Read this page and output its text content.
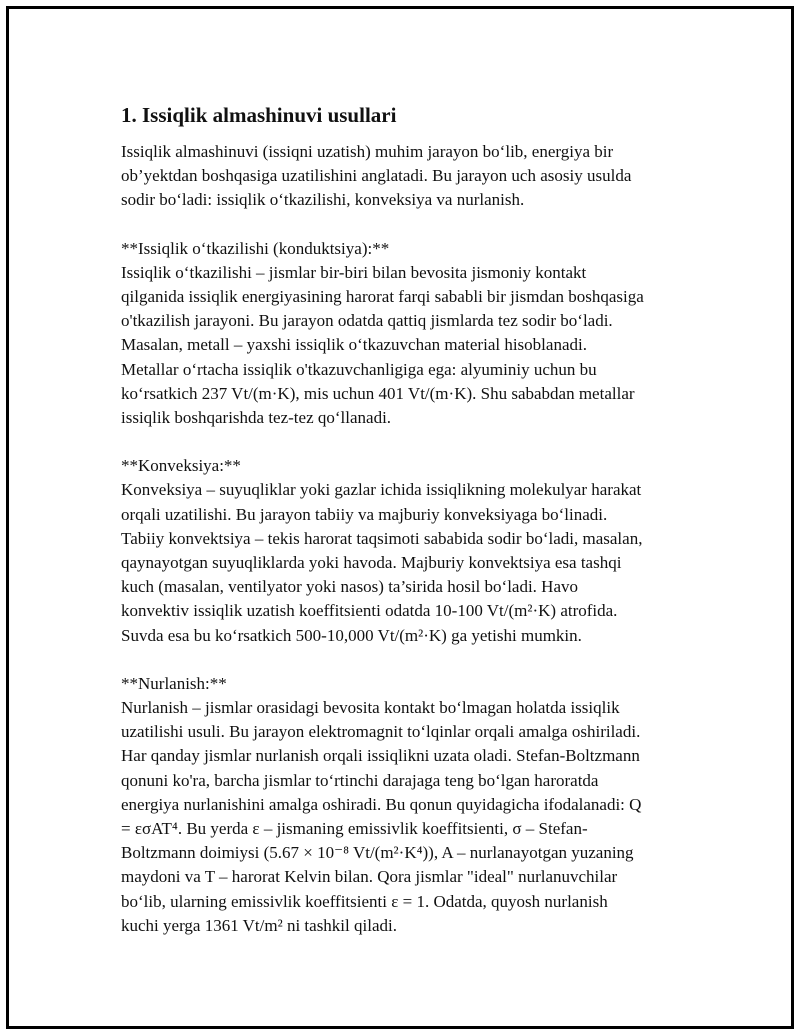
1. Issiqlik almashinuvi usullari
Issiqlik almashinuvi (issiqni uzatish) muhim jarayon bo‘lib, energiya bir
ob’yektdan boshqasiga uzatilishini anglatadi. Bu jarayon uch asosiy usulda
sodir bo‘ladi: issiqlik o‘tkazilishi, konveksiya va nurlanish.
**Issiqlik o‘tkazilishi (konduktsiya):**
Issiqlik o‘tkazilishi – jismlar bir-biri bilan bevosita jismoniy kontakt
qilganida issiqlik energiyasining harorat farqi sababli bir jismdan boshqasiga
o'tkazilish jarayoni. Bu jarayon odatda qattiq jismlarda tez sodir bo‘ladi.
Masalan, metall – yaxshi issiqlik o‘tkazuvchan material hisoblanadi.
Metallar o‘rtacha issiqlik o'tkazuvchanligiga ega: alyuminiy uchun bu
ko‘rsatkich 237 Vt/(m·K), mis uchun 401 Vt/(m·K). Shu sababdan metallar
issiqlik boshqarishda tez-tez qo‘llanadi.
**Konveksiya:**
Konveksiya – suyuqliklar yoki gazlar ichida issiqlikning molekulyar harakat
orqali uzatilishi. Bu jarayon tabiiy va majburiy konveksiyaga bo‘linadi.
Tabiiy konvektsiya – tekis harorat taqsimoti sababida sodir bo‘ladi, masalan,
qaynayotgan suyuqliklarda yoki havoda. Majburiy konvektsiya esa tashqi
kuch (masalan, ventilyator yoki nasos) ta’sirida hosil bo‘ladi. Havo
konvektiv issiqlik uzatish koeffitsienti odatda 10-100 Vt/(m²·K) atrofida.
Suvda esa bu ko‘rsatkich 500-10,000 Vt/(m²·K) ga yetishi mumkin.
**Nurlanish:**
Nurlanish – jismlar orasidagi bevosita kontakt bo‘lmagan holatda issiqlik
uzatilishi usuli. Bu jarayon elektromagnit to‘lqinlar orqali amalga oshiriladi.
Har qanday jismlar nurlanish orqali issiqlikni uzata oladi. Stefan-Boltzmann
qonuni ko'ra, barcha jismlar to‘rtinchi darajaga teng bo‘lgan haroratda
energiya nurlanishini amalga oshiradi. Bu qonun quyidagicha ifodalanadi: Q
= εσAT⁴. Bu yerda ε – jismaning emissivlik koeffitsienti, σ – Stefan-
Boltzmann doimiysi (5.67 × 10⁻⁸ Vt/(m²·K⁴)), A – nurlanayotgan yuzaning
maydoni va T – harorat Kelvin bilan. Qora jismlar "ideal" nurlanuvchilar
bo‘lib, ularning emissivlik koeffitsienti ε = 1. Odatda, quyosh nurlanish
kuchi yerga 1361 Vt/m² ni tashkil qiladi.
